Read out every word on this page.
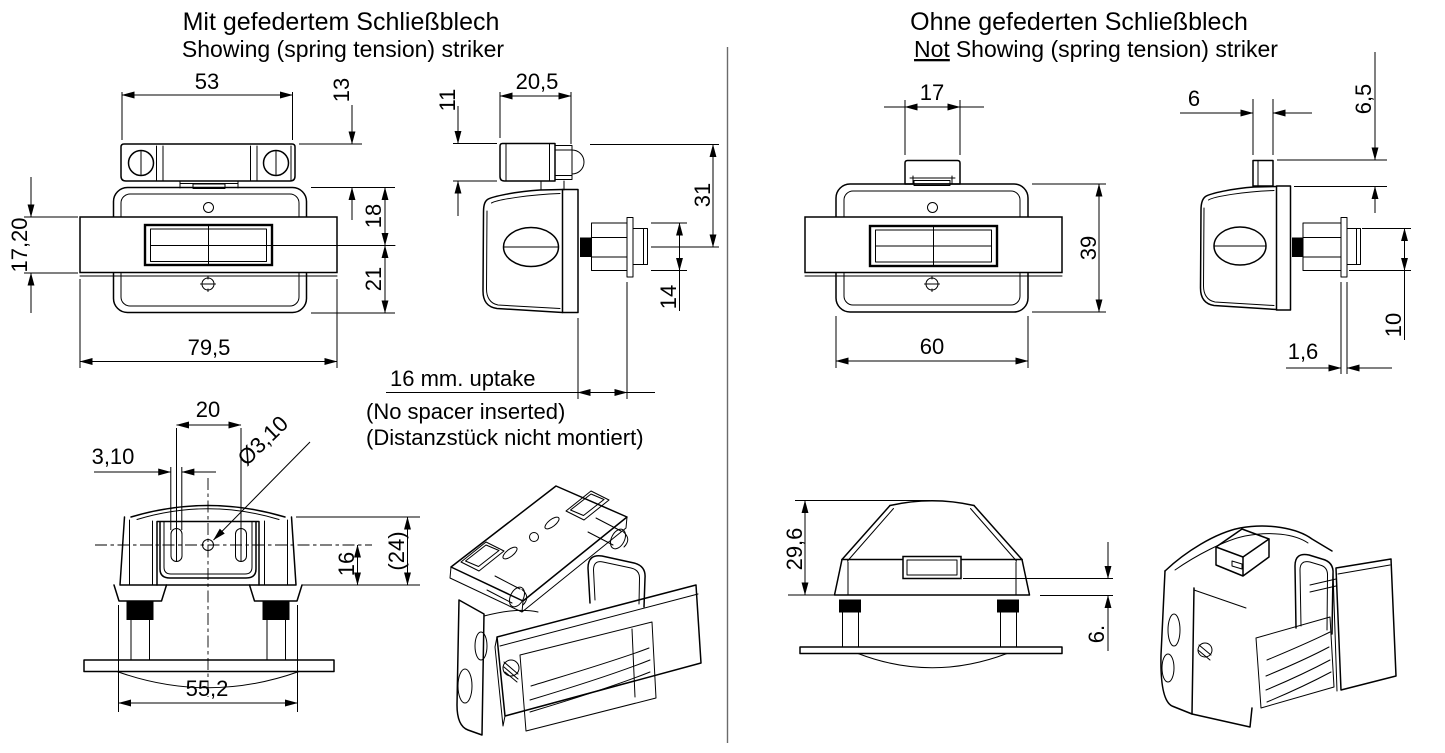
Mit gefedertem Schließblech
Showing (spring tension) striker
53	13
17,20
18
21
79,5
20,5
11
31
14
16 mm. uptake
(No spacer inserted)
(Distanzstück nicht montiert)
20
3,10	Ø3,10
16 (24)
55,2
Ohne gefederten Schließblech
Not Showing (spring tension) striker
17
39
60
6	6,5
10
1,6
29,6
6.
